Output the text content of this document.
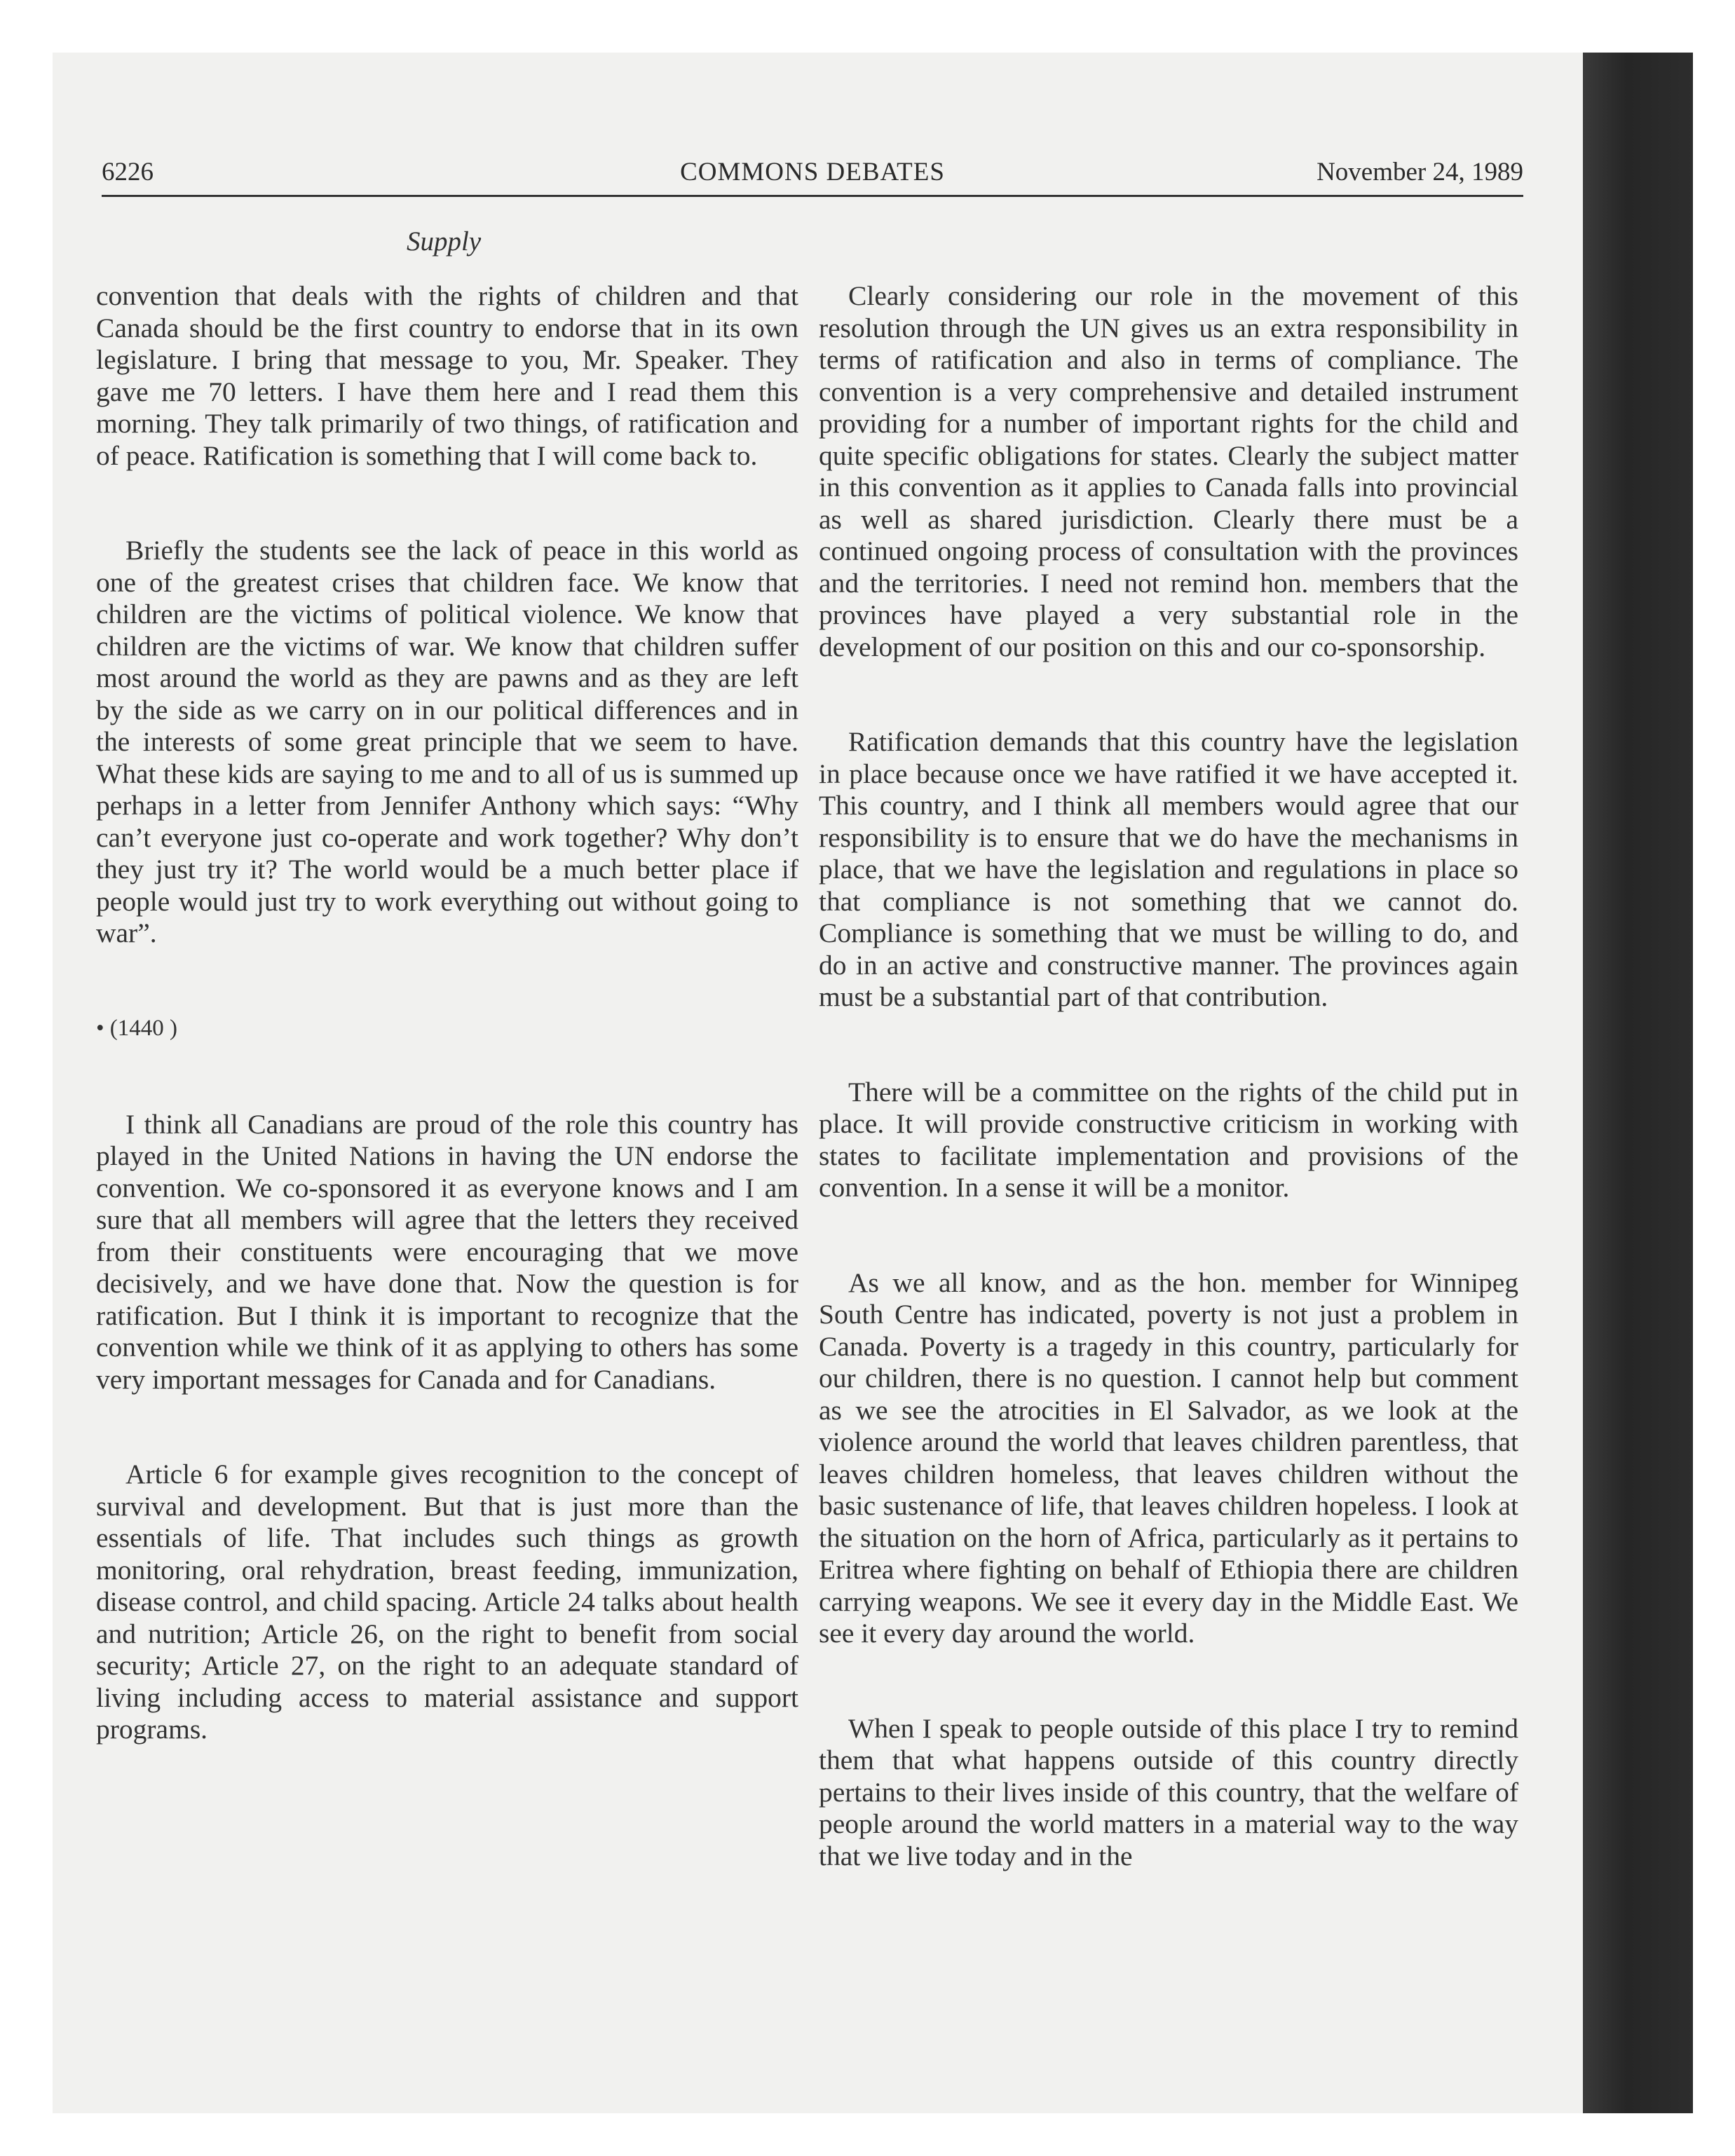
6226	COMMONS DEBATES	November 24, 1989
Supply

convention that deals with the rights of children and that Canada should be the first country to endorse that in its own legislature. I bring that message to you, Mr. Speaker. They gave me 70 letters. I have them here and I read them this morning. They talk primarily of two things, of ratification and of peace. Ratification is something that I will come back to.

Briefly the students see the lack of peace in this world as one of the greatest crises that children face. We know that children are the victims of political violence. We know that children are the victims of war. We know that children suffer most around the world as they are pawns and as they are left by the side as we carry on in our political differences and in the interests of some great principle that we seem to have. What these kids are saying to me and to all of us is summed up perhaps in a letter from Jennifer Anthony which says: “Why can’t everyone just co-operate and work together? Why don’t they just try it? The world would be a much better place if people would just try to work everything out without going to war”.

• (1440 )

I think all Canadians are proud of the role this country has played in the United Nations in having the UN endorse the convention. We co-sponsored it as everyone knows and I am sure that all members will agree that the letters they received from their constituents were encouraging that we move decisively, and we have done that. Now the question is for ratification. But I think it is important to recognize that the convention while we think of it as applying to others has some very important messages for Canada and for Canadians.

Article 6 for example gives recognition to the concept of survival and development. But that is just more than the essentials of life. That includes such things as growth monitoring, oral rehydration, breast feeding, immunization, disease control, and child spacing. Article 24 talks about health and nutrition; Article 26, on the right to benefit from social security; Article 27, on the right to an adequate standard of living including access to material assistance and support programs.

Clearly considering our role in the movement of this resolution through the UN gives us an extra responsibility in terms of ratification and also in terms of compliance. The convention is a very comprehensive and detailed instrument providing for a number of important rights for the child and quite specific obligations for states. Clearly the subject matter in this convention as it applies to Canada falls into provincial as well as shared jurisdiction. Clearly there must be a continued ongoing process of consultation with the provinces and the territories. I need not remind hon. members that the provinces have played a very substantial role in the development of our position on this and our co-sponsorship.

Ratification demands that this country have the legislation in place because once we have ratified it we have accepted it. This country, and I think all members would agree that our responsibility is to ensure that we do have the mechanisms in place, that we have the legislation and regulations in place so that compliance is not something that we cannot do. Compliance is something that we must be willing to do, and do in an active and constructive manner. The provinces again must be a substantial part of that contribution.

There will be a committee on the rights of the child put in place. It will provide constructive criticism in working with states to facilitate implementation and provisions of the convention. In a sense it will be a monitor.

As we all know, and as the hon. member for Winnipeg South Centre has indicated, poverty is not just a problem in Canada. Poverty is a tragedy in this country, particularly for our children, there is no question. I cannot help but comment as we see the atrocities in El Salvador, as we look at the violence around the world that leaves children parentless, that leaves children homeless, that leaves children without the basic sustenance of life, that leaves children hopeless. I look at the situation on the horn of Africa, particularly as it pertains to Eritrea where fighting on behalf of Ethiopia there are children carrying weapons. We see it every day in the Middle East. We see it every day around the world.

When I speak to people outside of this place I try to remind them that what happens outside of this country directly pertains to their lives inside of this country, that the welfare of people around the world matters in a material way to the way that we live today and in the
